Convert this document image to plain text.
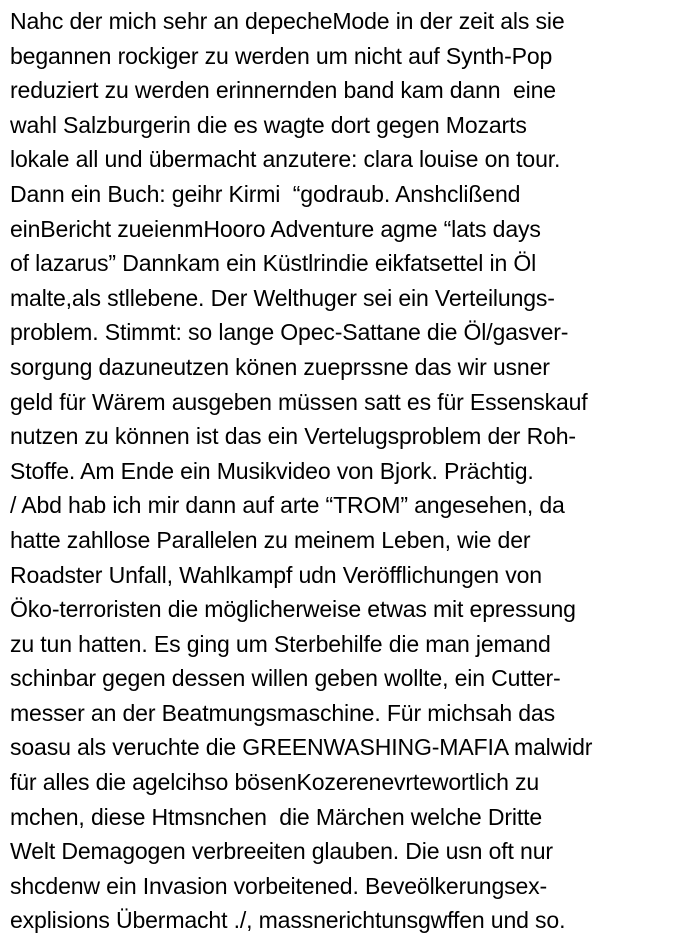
Nahc der mich sehr an depecheMode in der zeit als sie
begannen rockiger zu werden um nicht auf Synth-Pop
reduziert zu werden erinnernden band kam dann  eine
wahl Salzburgerin die es wagte dort gegen Mozarts
lokale all und übermacht anzutere: clara louise on tour.
Dann ein Buch: geihr Kirmi  “godraub. Anshclißend
einBericht zueienmHooro Adventure agme “lats days
of lazarus” Dannkam ein Küstlrindie eikfatsettel in Öl
malte,als stllebene. Der Welthuger sei ein Verteilungs-
problem. Stimmt: so lange Opec-Sattane die Öl/gasver-
sorgung dazuneutzen könen zueprssne das wir usner
geld für Wärem ausgeben müssen satt es für Essenskauf
nutzen zu können ist das ein Vertelugsproblem der Roh-
Stoffe. Am Ende ein Musikvideo von Bjork. Prächtig.
/ Abd hab ich mir dann auf arte “TROM” angesehen, da
hatte zahllose Parallelen zu meinem Leben, wie der
Roadster Unfall, Wahlkampf udn Veröfflichungen von
Öko-terroristen die möglicherweise etwas mit epressung
zu tun hatten. Es ging um Sterbehilfe die man jemand
schinbar gegen dessen willen geben wollte, ein Cutter-
messer an der Beatmungsmaschine. Für michsah das
soasu als veruchte die GREENWASHING-MAFIA malwidr
für alles die agelcihso bösenKozerenevrtewortlich zu
mchen, diese Htmsnchen  die Märchen welche Dritte
Welt Demagogen verbreeiten glauben. Die usn oft nur
shcdenw ein Invasion vorbeitened. Beveölkerungsex-
explisions Übermacht ./, massnerichtunsgwffen und so.
